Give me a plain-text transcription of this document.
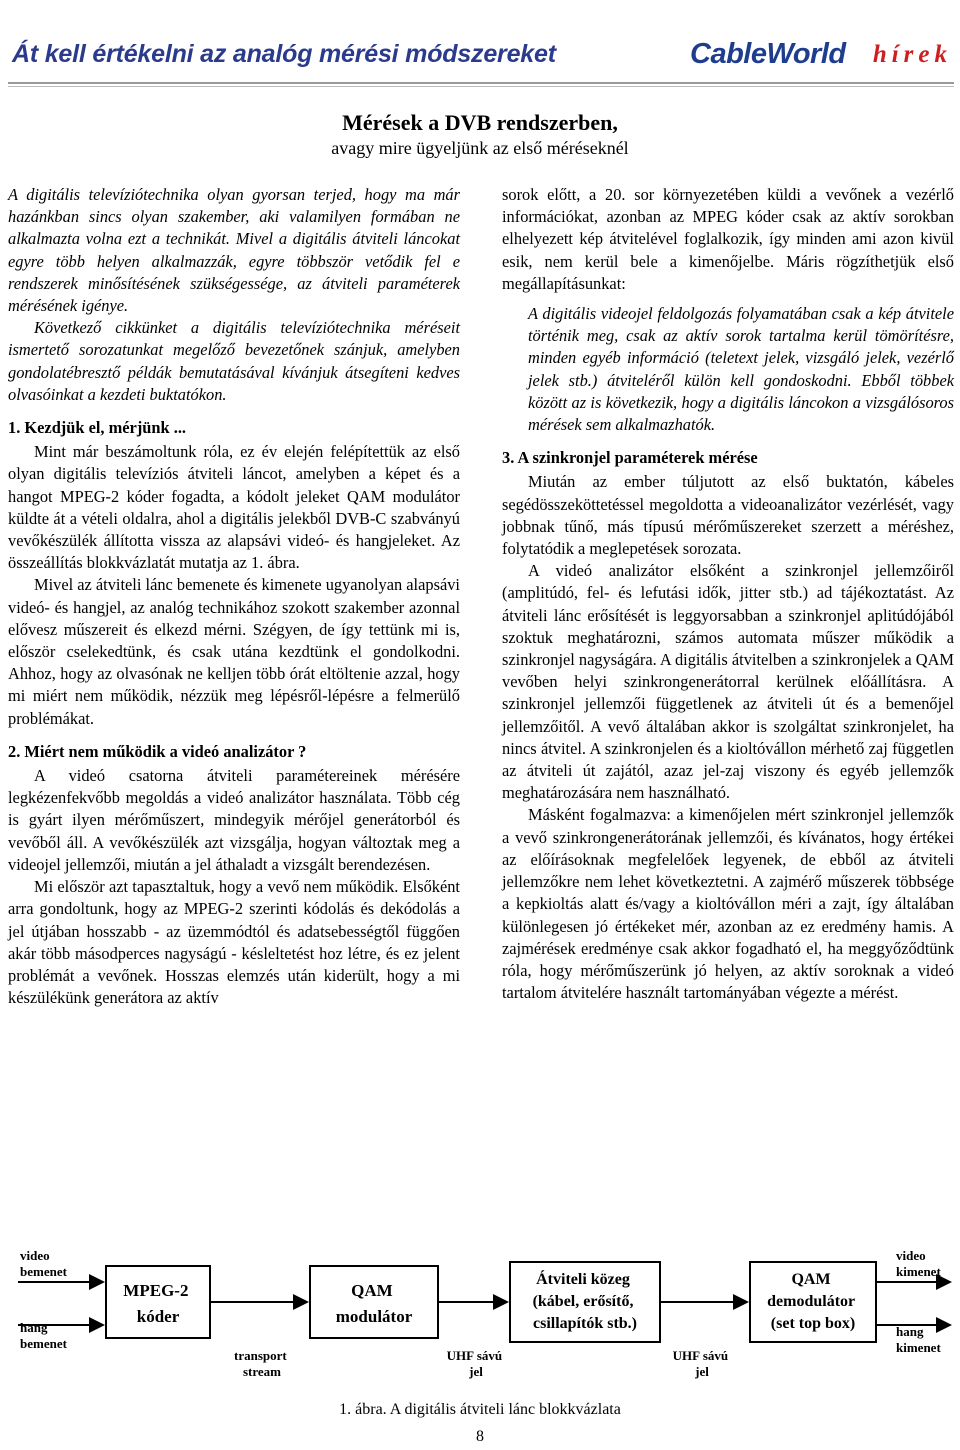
Át kell értékelni az analóg mérési módszereket	CableWorld hírek
Mérések a DVB rendszerben,
avagy mire ügyeljünk az első méréseknél

A digitális televíziótechnika olyan gyorsan terjed, hogy ma már hazánkban sincs olyan szakember, aki valamilyen formában ne alkalmazta volna ezt a technikát. Mivel a digitális átviteli láncokat egyre több helyen alkalmazzák, egyre többször vetődik fel e rendszerek minősítésének szükségessége, az átviteli paraméterek mérésének igénye.

Következő cikkünket a digitális televíziótechnika méréseit ismertető sorozatunkat megelőző bevezetőnek szánjuk, amelyben gondolatébresztő példák bemutatásával kívánjuk átsegíteni kedves olvasóinkat a kezdeti buktatókon.

1. Kezdjük el, mérjünk ...

Mint már beszámoltunk róla, ez év elején felépítettük az első olyan digitális televíziós átviteli láncot, amelyben a képet és a hangot MPEG-2 kóder fogadta, a kódolt jeleket QAM modulátor küldte át a vételi oldalra, ahol a digitális jelekből DVB-C szabványú vevőkészülék állította vissza az alapsávi videó- és hangjeleket. Az összeállítás blokkvázlatát mutatja az 1. ábra.

Mivel az átviteli lánc bemenete és kimenete ugyanolyan alapsávi videó- és hangjel, az analóg technikához szokott szakember azonnal elővesz műszereit és elkezd mérni. Szégyen, de így tettünk mi is, először cselekedtünk, és csak utána kezdtünk el gondolkodni. Ahhoz, hogy az olvasónak ne kelljen több órát eltöltenie azzal, hogy mi miért nem működik, nézzük meg lépésről-lépésre a felmerülő problémákat.

2. Miért nem működik a videó analizátor ?

A videó csatorna átviteli paramétereinek mérésére legkézenfekvőbb megoldás a videó analizátor használata. Több cég is gyárt ilyen mérőműszert, mindegyik mérőjel generátorból és vevőből áll. A vevőkészülék azt vizsgálja, hogyan változtak meg a videojel jellemzői, miután a jel áthaladt a vizsgált berendezésen.

Mi először azt tapasztaltuk, hogy a vevő nem működik. Elsőként arra gondoltunk, hogy az MPEG-2 szerinti kódolás és dekódolás a jel útjában hosszabb - az üzemmódtól és adatsebességtől függően akár több másodperces nagyságú - késleltetést hoz létre, és ez jelent problémát a vevőnek. Hosszas elemzés után kiderült, hogy a mi készülékünk generátora az aktív

sorok előtt, a 20. sor környezetében küldi a vevőnek a vezérlő információkat, azonban az MPEG kóder csak az aktív sorokban elhelyezett kép átvitelével foglalkozik, így minden ami azon kivül esik, nem kerül bele a kimenőjelbe. Máris rögzíthetjük első megállapításunkat:

A digitális videojel feldolgozás folyamatában csak a kép átvitele történik meg, csak az aktív sorok tartalma kerül tömörítésre, minden egyéb információ (teletext jelek, vizsgáló jelek, vezérlő jelek stb.) átviteléről külön kell gondoskodni. Ebből többek között az is következik, hogy a digitális láncokon a vizsgálósoros mérések sem alkalmazhatók.

3. A szinkronjel paraméterek mérése

Miután az ember túljutott az első buktatón, kábeles segédösszeköttetéssel megoldotta a videoanalizátor vezérlését, vagy jobbnak tűnő, más típusú mérőműszereket szerzett a méréshez, folytatódik a meglepetések sorozata.

A videó analizátor elsőként a szinkronjel jellemzőiről (amplitúdó, fel- és lefutási idők, jitter stb.) ad tájékoztatást. Az átviteli lánc erősítését is leggyorsabban a szinkronjel aplitúdójából szoktuk meghatározni, számos automata műszer működik a szinkronjel nagyságára. A digitális átvitelben a szinkronjelek a QAM vevőben helyi szinkrongenerátorral kerülnek előállításra. A szinkronjel jellemzői függetlenek az átviteli út és a bemenőjel jellemzőitől. A vevő általában akkor is szolgáltat szinkronjelet, ha nincs átvitel. A szinkronjelen és a kioltóvállon mérhető zaj független az átviteli út zajától, azaz jel-zaj viszony és egyéb jellemzők meghatározására nem használható.

Másként fogalmazva: a kimenőjelen mért szinkronjel jellemzők a vevő szinkrongenerátorának jellemzői, és kívánatos, hogy értékei az előírásoknak megfelelőek legyenek, de ebből az átviteli jellemzőkre nem lehet következtetni. A zajmérő műszerek többsége a kepkioltás alatt és/vagy a kioltóvállon méri a zajt, így általában különlegesen jó értékeket mér, azonban az ez eredmény hamis. A zajmérések eredménye csak akkor fogadható el, ha meggyőződtünk róla, hogy mérőműszerünk jó helyen, az aktív soroknak a videó tartalom átvitelére használt tartományában végezte a mérést.

video bemenet
hang bemenet
MPEG-2 kóder
transport stream
QAM modulátor
UHF sávú jel
Átviteli közeg (kábel, erősítő, csillapítók stb.)
UHF sávú jel
QAM demodulátor (set top box)
video kimenet
hang kimenet
1. ábra. A digitális átviteli lánc blokkvázlata
8
